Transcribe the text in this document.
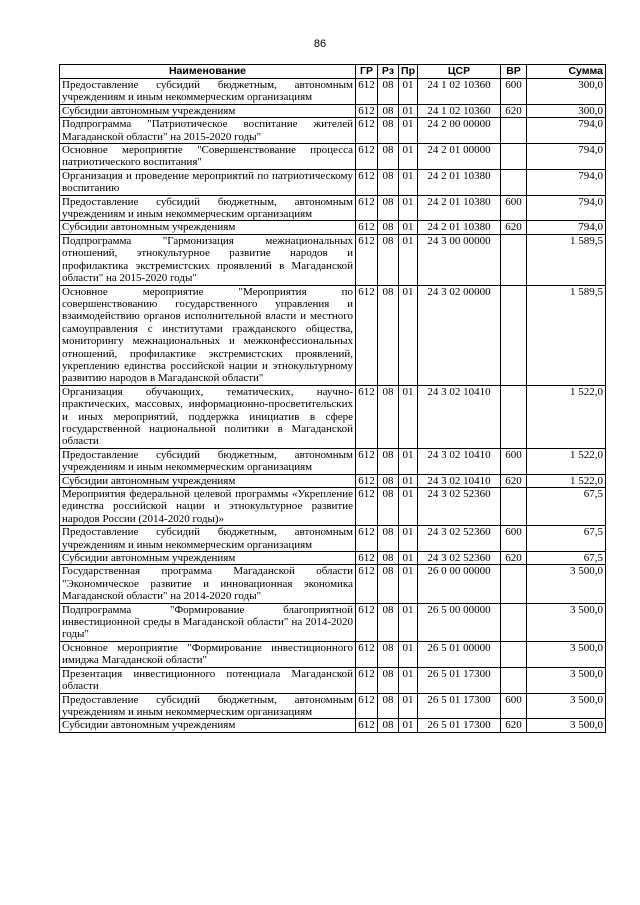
86
Наименование	ГР	Рз	Пр	ЦСР	ВР	Сумма
Предоставление субсидий бюджетным, автономным учреждениям и иным некоммерческим организациям	612	08	01	24 1 02 10360	600	300,0
Субсидии автономным учреждениям	612	08	01	24 1 02 10360	620	300,0
Подпрограмма "Патриотическое воспитание жителей Магаданской области" на 2015-2020 годы"	612	08	01	24 2 00 00000		794,0
Основное мероприятие "Совершенствование процесса патриотического воспитания"	612	08	01	24 2 01 00000		794,0
Организация и проведение мероприятий по патриотическому воспитанию	612	08	01	24 2 01 10380		794,0
Предоставление субсидий бюджетным, автономным учреждениям и иным некоммерческим организациям	612	08	01	24 2 01 10380	600	794,0
Субсидии автономным учреждениям	612	08	01	24 2 01 10380	620	794,0
Подпрограмма "Гармонизация межнациональных отношений, этнокультурное развитие народов и профилактика экстремистских проявлений в Магаданской области" на 2015-2020 годы"	612	08	01	24 3 00 00000		1 589,5
Основное мероприятие "Мероприятия по совершенствованию государственного управления и взаимодействию органов исполнительной власти и местного самоуправления с институтами гражданского общества, мониторингу межнациональных и межконфессиональных отношений, профилактике экстремистских проявлений, укреплению единства российской нации и этнокультурному развитию народов в Магаданской области"	612	08	01	24 3 02 00000		1 589,5
Организация обучающих, тематических, научно-практических, массовых, информационно-просветительских и иных мероприятий, поддержка инициатив в сфере государственной национальной политики в Магаданской области	612	08	01	24 3 02 10410		1 522,0
Предоставление субсидий бюджетным, автономным учреждениям и иным некоммерческим организациям	612	08	01	24 3 02 10410	600	1 522,0
Субсидии автономным учреждениям	612	08	01	24 3 02 10410	620	1 522,0
Мероприятия федеральной целевой программы «Укрепление единства российской нации и этнокультурное развитие народов России (2014-2020 годы)»	612	08	01	24 3 02 52360		67,5
Предоставление субсидий бюджетным, автономным учреждениям и иным некоммерческим организациям	612	08	01	24 3 02 52360	600	67,5
Субсидии автономным учреждениям	612	08	01	24 3 02 52360	620	67,5
Государственная программа Магаданской области "Экономическое развитие и инновационная экономика Магаданской области" на 2014-2020 годы"	612	08	01	26 0 00 00000		3 500,0
Подпрограмма "Формирование благоприятной инвестиционной среды в Магаданской области" на 2014-2020 годы"	612	08	01	26 5 00 00000		3 500,0
Основное мероприятие "Формирование инвестиционного имиджа Магаданской области"	612	08	01	26 5 01 00000		3 500,0
Презентация инвестиционного потенциала Магаданской области	612	08	01	26 5 01 17300		3 500,0
Предоставление субсидий бюджетным, автономным учреждениям и иным некоммерческим организациям	612	08	01	26 5 01 17300	600	3 500,0
Субсидии автономным учреждениям	612	08	01	26 5 01 17300	620	3 500,0
